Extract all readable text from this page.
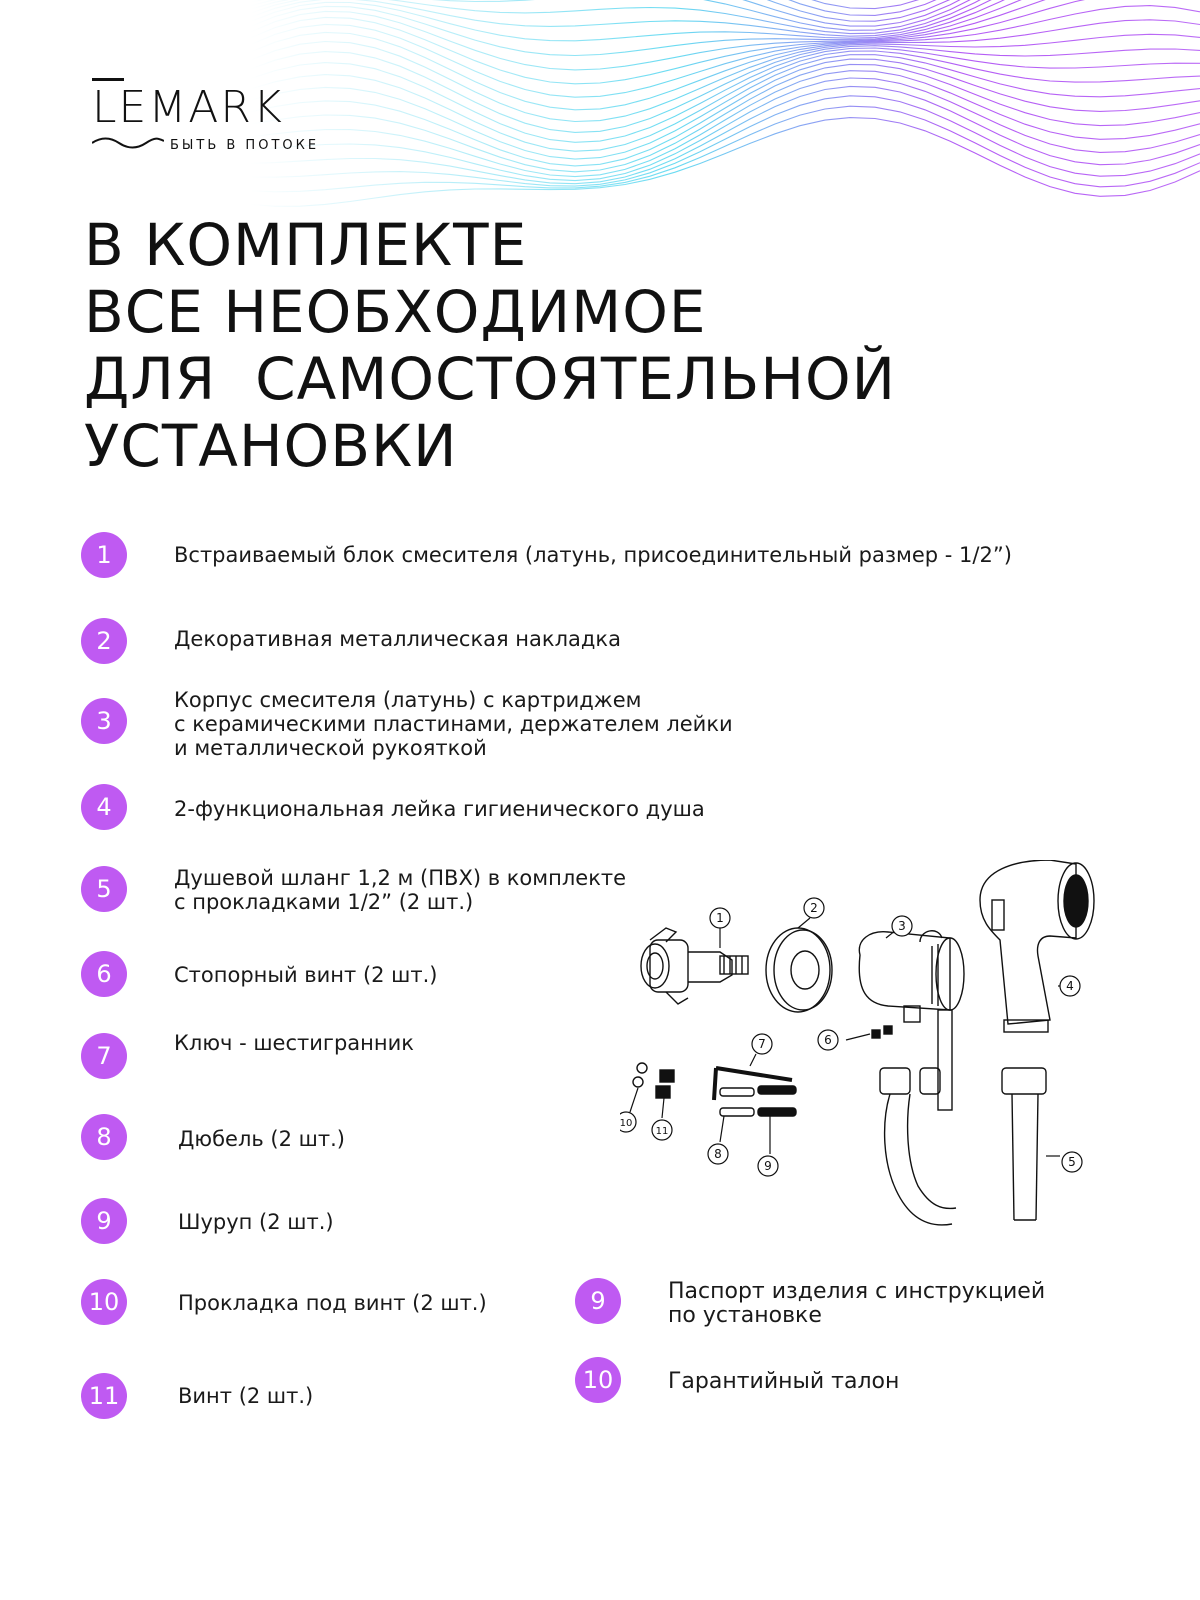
LEMARK
БЫТЬ В ПОТОКЕ
В КОМПЛЕКТЕ
ВСЕ НЕОБХОДИМОЕ
ДЛЯ  САМОСТОЯТЕЛЬНОЙ
УСТАНОВКИ
1	Встраиваемый блок смесителя (латунь, присоединительный размер - 1/2”)
2	Декоративная металлическая накладка
3
Корпус смесителя (латунь) с картриджем
с керамическими пластинами, держателем лейки
и металлической рукояткой
4	2-функциональная лейка гигиенического душа
5	Душевой шланг 1,2 м (ПВХ) в комплекте
с прокладками 1/2” (2 шт.)
6	Стопорный винт (2 шт.)
7	Ключ - шестигранник
8	Дюбель (2 шт.)
9	Шуруп (2 шт.)
10	Прокладка под винт (2 шт.)
11	Винт (2 шт.)
9	Паспорт изделия с инструкцией
по установке
10	Гарантийный талон
1
2
3
4
5
6
7
8
9
10
11
